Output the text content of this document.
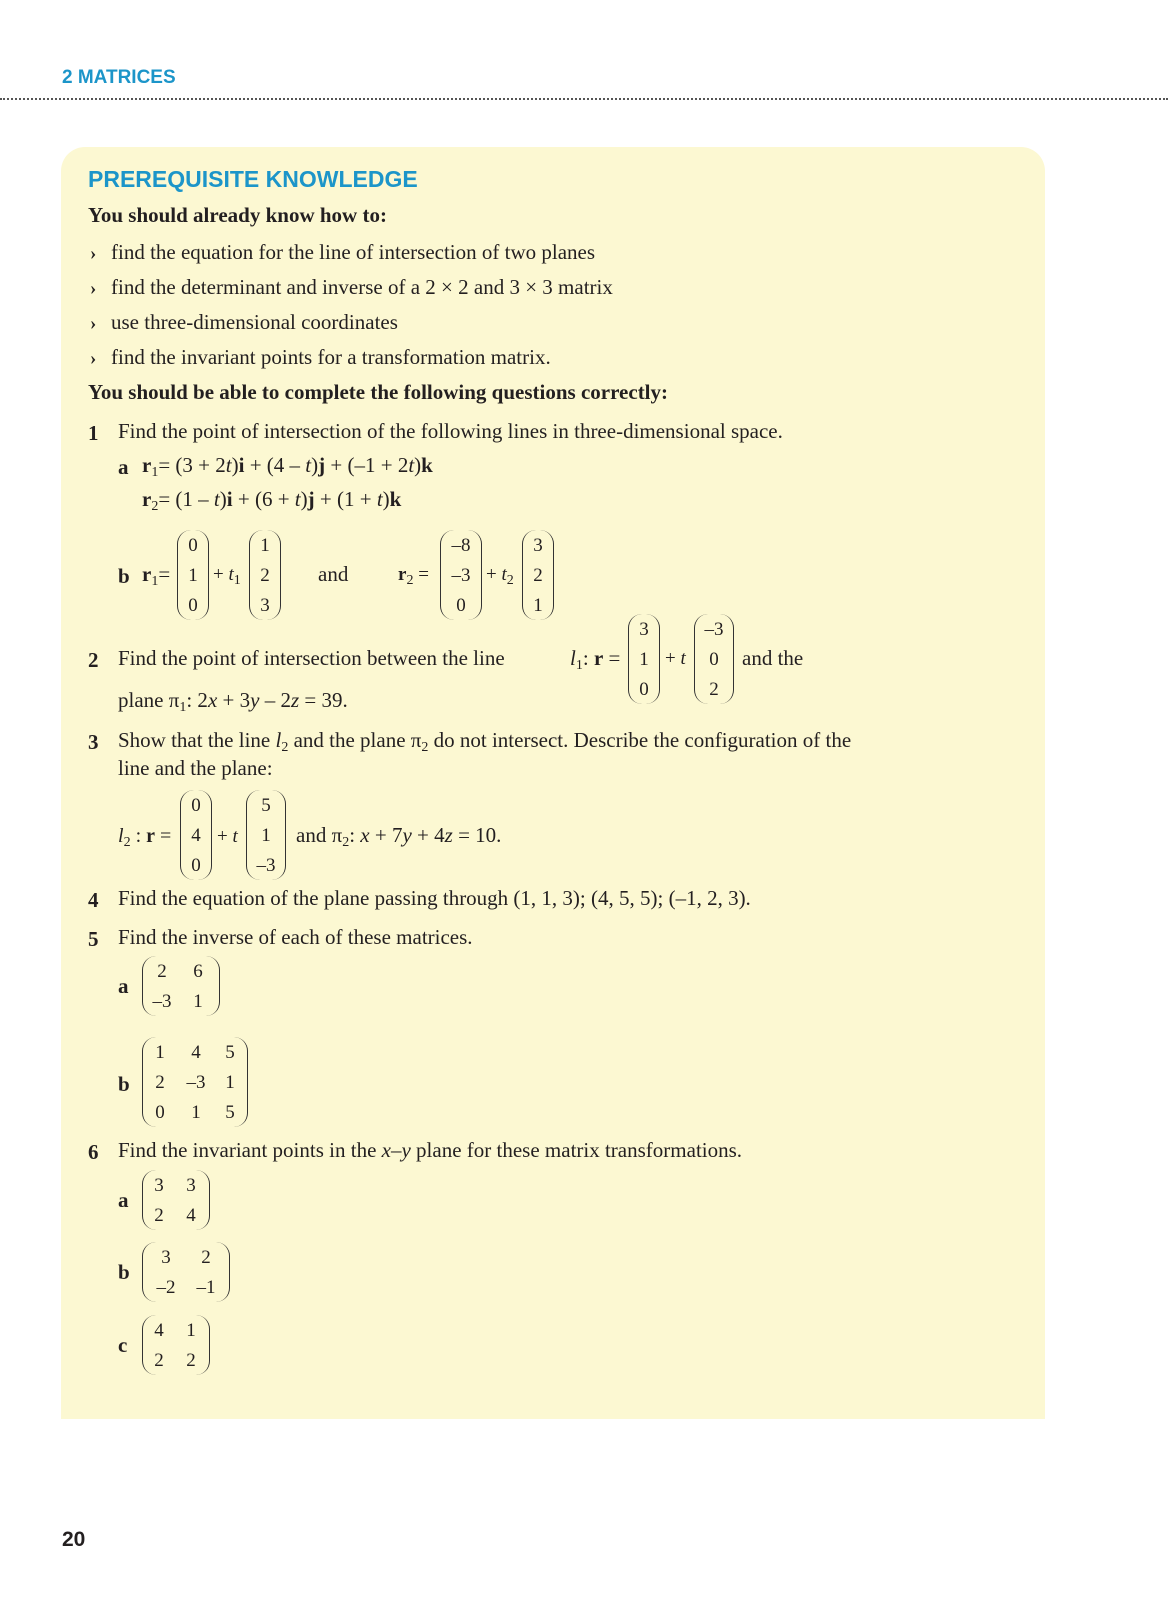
2 MATRICES
PREREQUISITE KNOWLEDGE
You should already know how to:
› find the equation for the line of intersection of two planes
› find the determinant and inverse of a 2 × 2 and 3 × 3 matrix
› use three-dimensional coordinates
› find the invariant points for a transformation matrix.
You should be able to complete the following questions correctly:
1 Find the point of intersection of the following lines in three-dimensional space.
a $r_1= (3 + 2t)i + (4 - t)j + (-1 + 2t)k$
$r_2= (1 - t)i + (6 + t)j + (1 + t)k$
b $r_1=$
0
1
0
+ $t_1$
1
2
3
and	$r_2$ =
–8
–3
0
+ $t_2$
3
2
1
2 Find the point of intersection between the line	$l_1$: r =
3
1
0
+ t
–3
0
2
and the
plane $\pi_1$: 2x + 3y – 2z = 39.
3 Show that the line $l_2$ and the plane $\pi_2$ do not intersect. Describe the configuration of the
line and the plane:
$l_2$ : r =
0
4
0
+ t
5
1
–3
and $\pi_2$: x + 7y + 4z = 10.
4 Find the equation of the plane passing through (1, 1, 3); (4, 5, 5); (–1, 2, 3).
5 Find the inverse of each of these matrices.
a
2	6
–3	1
b
1	4	5
2	–3	1
0	1	5
6 Find the invariant points in the x–y plane for these matrix transformations.
a
3	3
2	4
b
3	2
–2 –1
c
4	1
2	2
20
